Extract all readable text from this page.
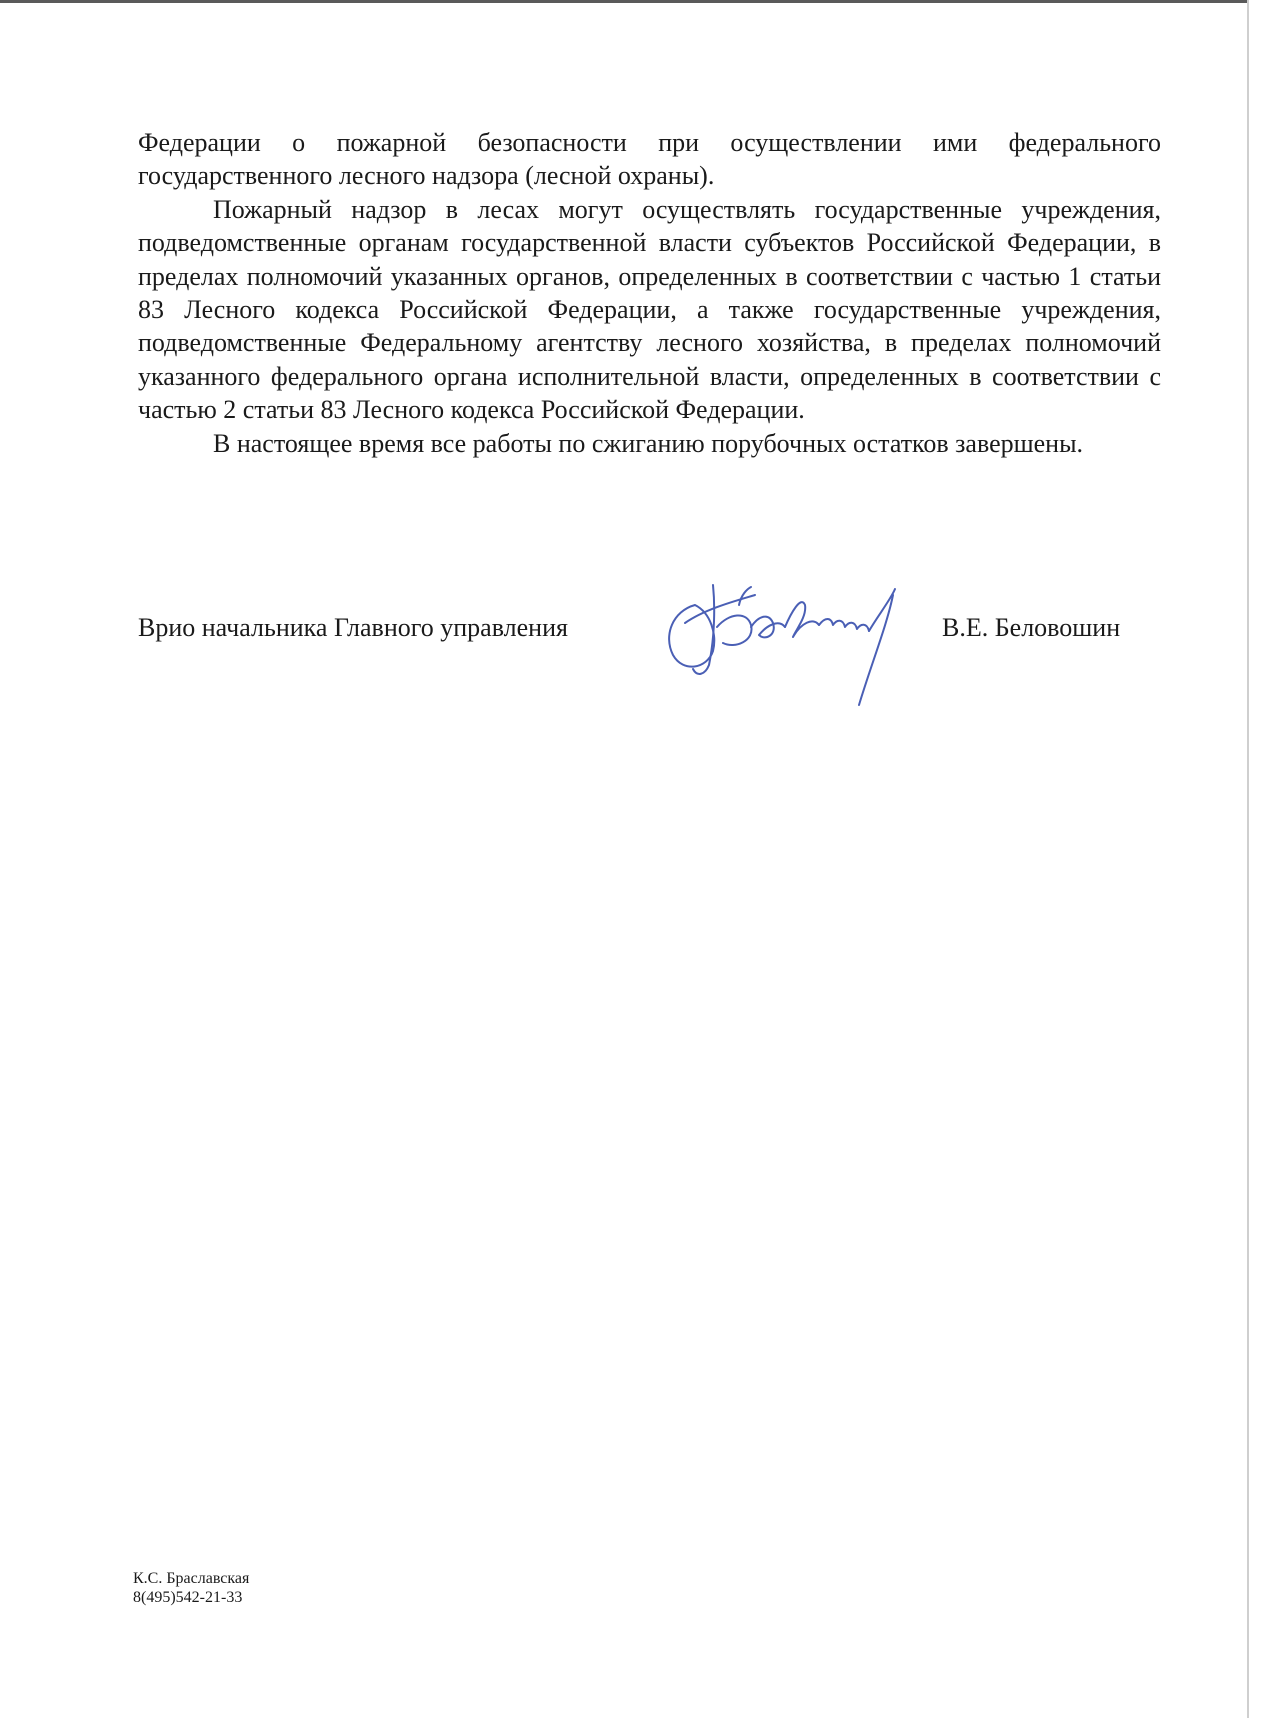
Федерации о пожарной безопасности при осуществлении ими федерального государственного лесного надзора (лесной охраны).

Пожарный надзор в лесах могут осуществлять государственные учреждения, подведомственные органам государственной власти субъектов Российской Федерации, в пределах полномочий указанных органов, определенных в соответствии с частью 1 статьи 83 Лесного кодекса Российской Федерации, а также государственные учреждения, подведомственные Федеральному агентству лесного хозяйства, в пределах полномочий указанного федерального органа исполнительной власти, определенных в соответствии с частью 2 статьи 83 Лесного кодекса Российской Федерации.

В настоящее время все работы по сжиганию порубочных остатков завершены.

Врио начальника Главного управления	В.Е. Беловошин
К.С. Браславская
8(495)542-21-33
